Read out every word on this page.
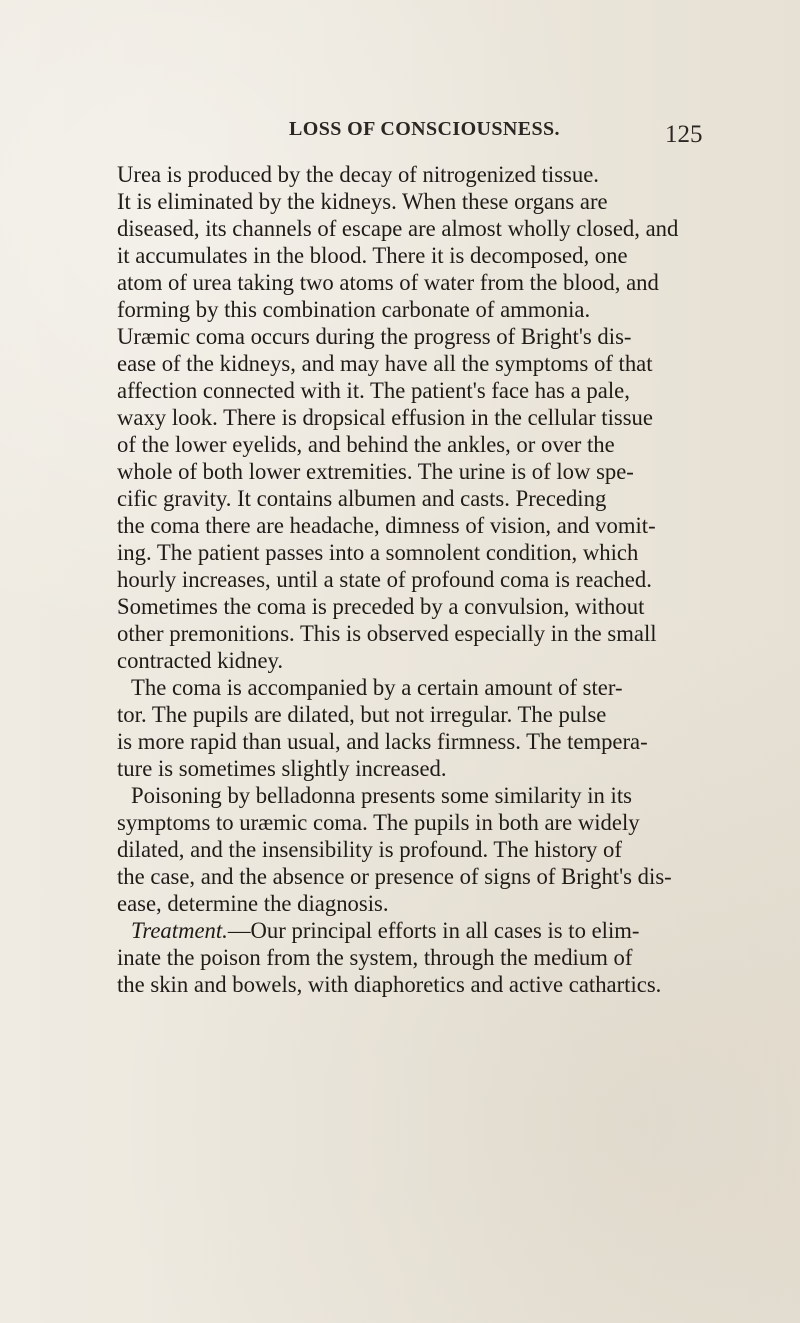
LOSS OF CONSCIOUSNESS.	125
Urea is produced by the decay of nitrogenized tissue.
It is eliminated by the kidneys. When these organs are
diseased, its channels of escape are almost wholly closed, and
it accumulates in the blood. There it is decomposed, one
atom of urea taking two atoms of water from the blood, and
forming by this combination carbonate of ammonia.
Uræmic coma occurs during the progress of Bright's dis-
ease of the kidneys, and may have all the symptoms of that
affection connected with it. The patient's face has a pale,
waxy look. There is dropsical effusion in the cellular tissue
of the lower eyelids, and behind the ankles, or over the
whole of both lower extremities. The urine is of low spe-
cific gravity. It contains albumen and casts. Preceding
the coma there are headache, dimness of vision, and vomit-
ing. The patient passes into a somnolent condition, which
hourly increases, until a state of profound coma is reached.
Sometimes the coma is preceded by a convulsion, without
other premonitions. This is observed especially in the small
contracted kidney.
The coma is accompanied by a certain amount of ster-
tor. The pupils are dilated, but not irregular. The pulse
is more rapid than usual, and lacks firmness. The tempera-
ture is sometimes slightly increased.
Poisoning by belladonna presents some similarity in its
symptoms to uræmic coma. The pupils in both are widely
dilated, and the insensibility is profound. The history of
the case, and the absence or presence of signs of Bright's dis-
ease, determine the diagnosis.
Treatment.—Our principal efforts in all cases is to elim-
inate the poison from the system, through the medium of
the skin and bowels, with diaphoretics and active cathartics.
